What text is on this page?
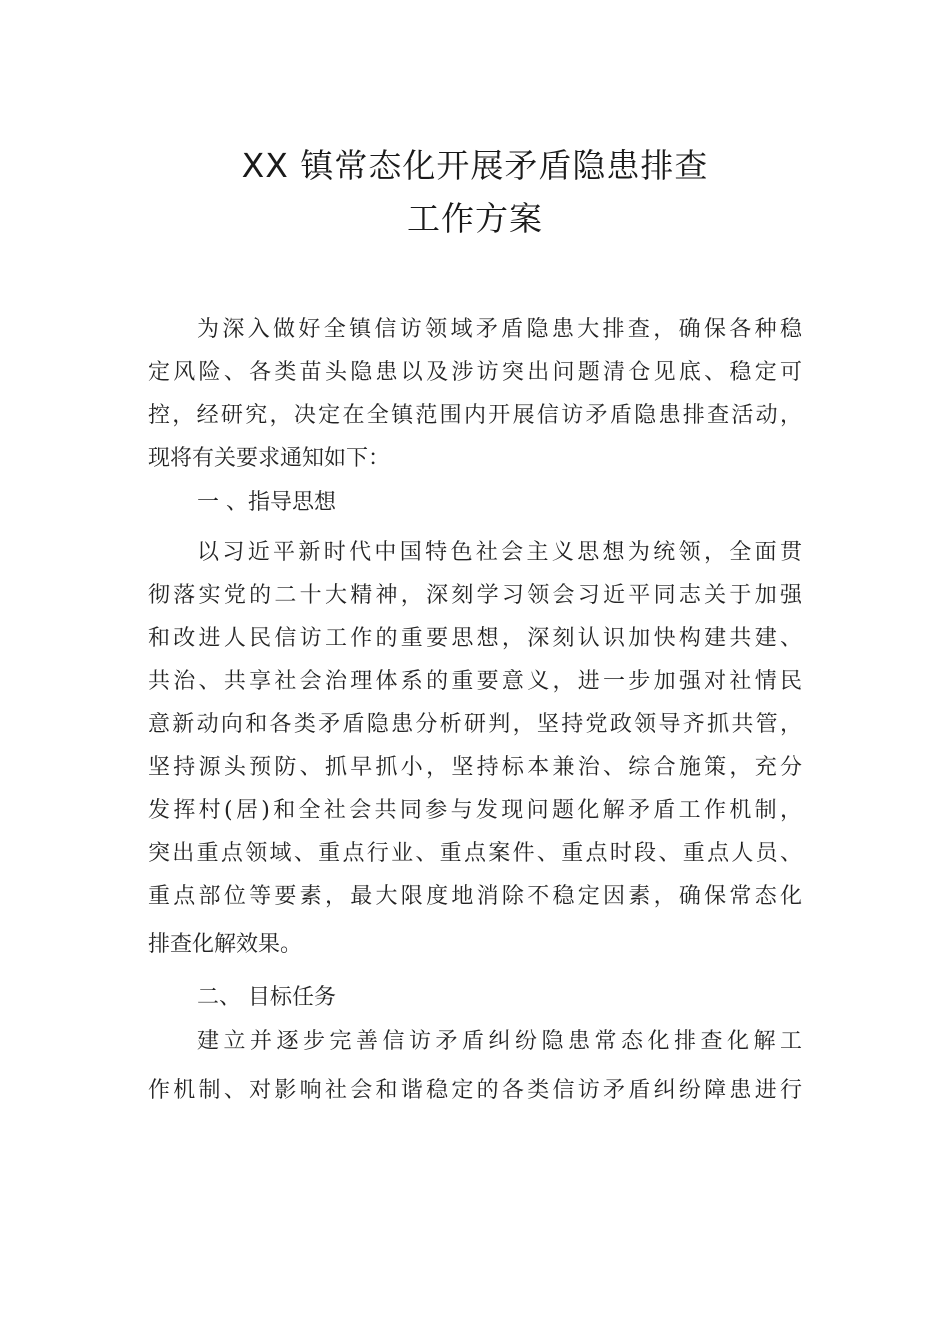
XX 镇常态化开展矛盾隐患排查
工作方案
为深入做好全镇信访领域矛盾隐患大排查，确保各种稳
定风险、各类苗头隐患以及涉访突出问题清仓见底、稳定可
控，经研究，决定在全镇范围内开展信访矛盾隐患排查活动，
现将有关要求通知如下：
一 、指导思想
以习近平新时代中国特色社会主义思想为统领，全面贯
彻落实党的二十大精神，深刻学习领会习近平同志关于加强
和改进人民信访工作的重要思想，深刻认识加快构建共建、
共治、共享社会治理体系的重要意义，进一步加强对社情民
意新动向和各类矛盾隐患分析研判，坚持党政领导齐抓共管，
坚持源头预防、抓早抓小，坚持标本兼治、综合施策，充分
发挥村(居)和全社会共同参与发现问题化解矛盾工作机制，
突出重点领域、重点行业、重点案件、重点时段、重点人员、
重点部位等要素，最大限度地消除不稳定因素，确保常态化
排查化解效果。
二、 目标任务
建立并逐步完善信访矛盾纠纷隐患常态化排查化解工
作机制、对影响社会和谐稳定的各类信访矛盾纠纷障患进行
